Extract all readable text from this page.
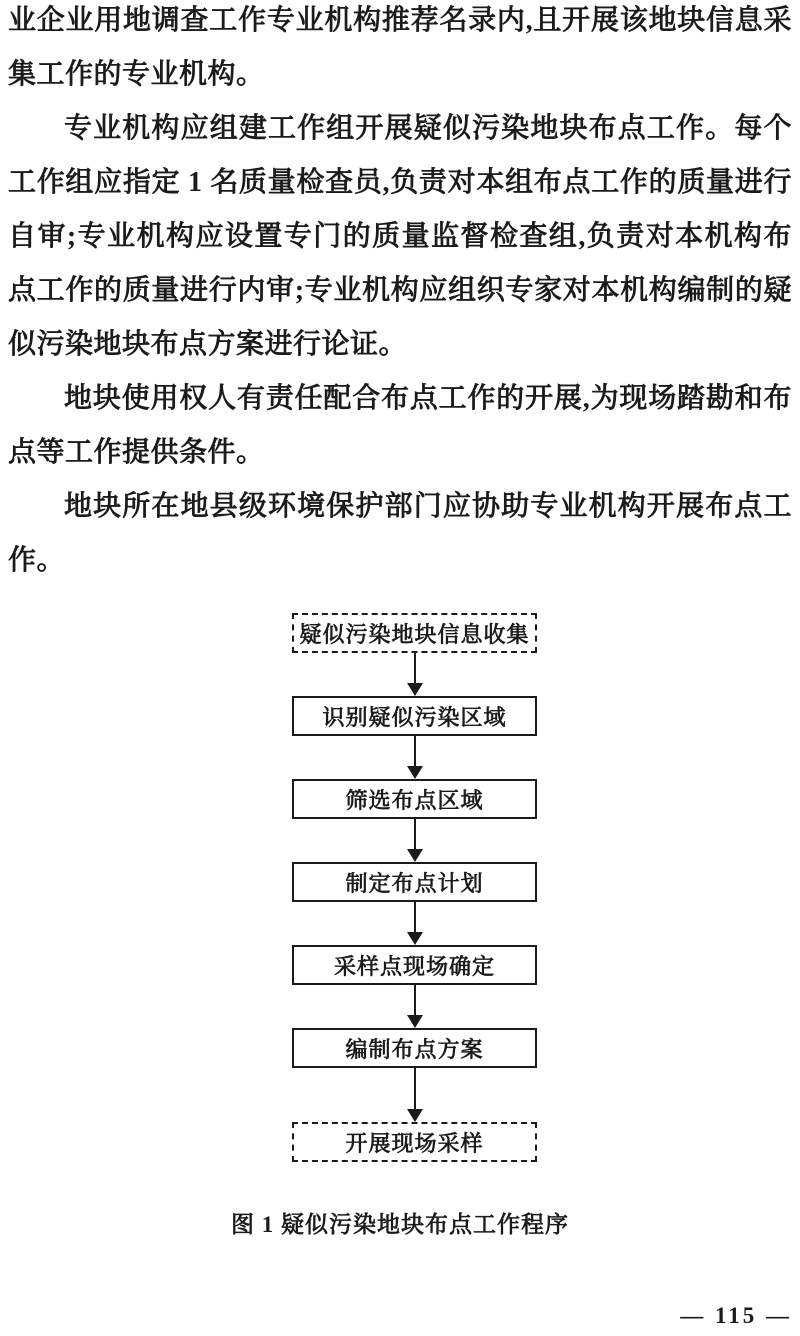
业企业用地调查工作专业机构推荐名录内,且开展该地块信息采集工作的专业机构。

专业机构应组建工作组开展疑似污染地块布点工作。每个工作组应指定 1 名质量检查员,负责对本组布点工作的质量进行自审;专业机构应设置专门的质量监督检查组,负责对本机构布点工作的质量进行内审;专业机构应组织专家对本机构编制的疑似污染地块布点方案进行论证。

地块使用权人有责任配合布点工作的开展,为现场踏勘和布点等工作提供条件。

地块所在地县级环境保护部门应协助专业机构开展布点工作。

疑似污染地块信息收集
识别疑似污染区域
筛选布点区域
制定布点计划
采样点现场确定
编制布点方案
开展现场采样
图 1 疑似污染地块布点工作程序
— 115 —
